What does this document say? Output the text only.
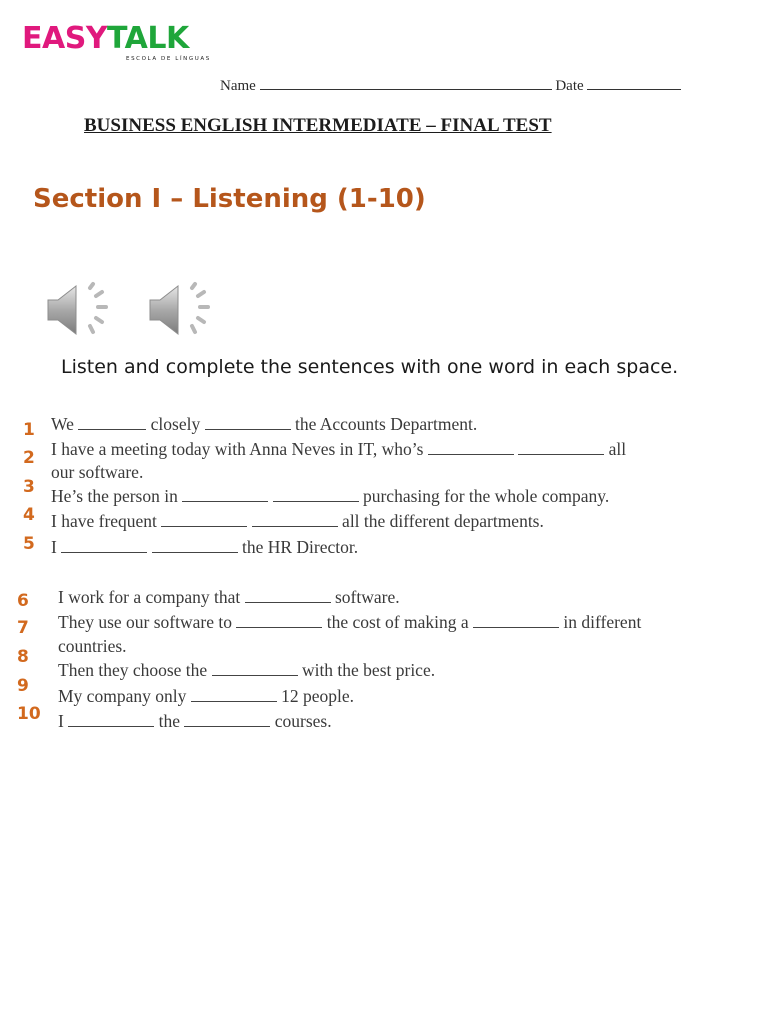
EASYTALK
ESCOLA DE LÍNGUAS
Name	Date
BUSINESS ENGLISH INTERMEDIATE – FINAL TEST
Section I – Listening (1-10)
Listen and complete the sentences with one word in each space.
1
2
3
4
5
6
7
8
9
10
We	closely	the Accounts Department.
I have a meeting today with Anna Neves in IT, who’s	all
our software.
He’s the person in	purchasing for the whole company.
I have frequent	all the different departments.
I	the HR Director.
I work for a company that	software.
They use our software to	the cost of making a	in different
countries.
Then they choose the	with the best price.
My company only	12 people.
I	the	courses.
